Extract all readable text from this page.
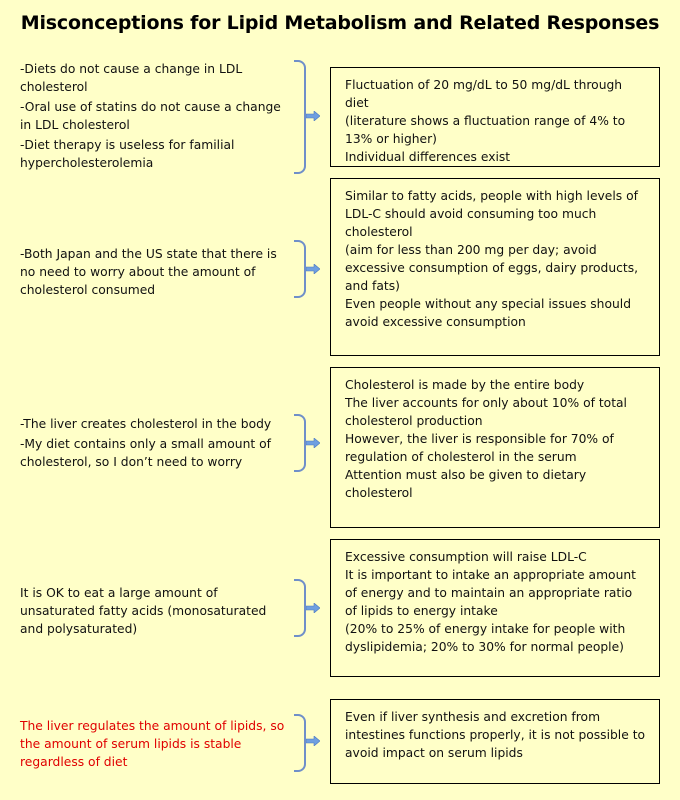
Misconceptions for Lipid Metabolism and Related Responses

-Diets do not cause a change in LDL cholesterol

-Oral use of statins do not cause a change in LDL cholesterol

-Diet therapy is useless for familial hypercholesterolemia

Fluctuation of 20 mg/dL to 50 mg/dL through diet

(literature shows a fluctuation range of 4% to 13% or higher)

Individual differences exist

-Both Japan and the US state that there is no need to worry about the amount of cholesterol consumed

Similar to fatty acids, people with high levels of LDL-C should avoid consuming too much cholesterol

(aim for less than 200 mg per day; avoid excessive consumption of eggs, dairy products, and fats)

Even people without any special issues should avoid excessive consumption

-The liver creates cholesterol in the body

-My diet contains only a small amount of cholesterol, so I don’t need to worry

Cholesterol is made by the entire body

The liver accounts for only about 10% of total cholesterol production

However, the liver is responsible for 70% of regulation of cholesterol in the serum

Attention must also be given to dietary cholesterol

It is OK to eat a large amount of unsaturated fatty acids (monosaturated and polysaturated)

Excessive consumption will raise LDL-C

It is important to intake an appropriate amount of energy and to maintain an appropriate ratio of lipids to energy intake

(20% to 25% of energy intake for people with dyslipidemia; 20% to 30% for normal people)

The liver regulates the amount of lipids, so the amount of serum lipids is stable regardless of diet

Even if liver synthesis and excretion from intestines functions properly, it is not possible to avoid impact on serum lipids
